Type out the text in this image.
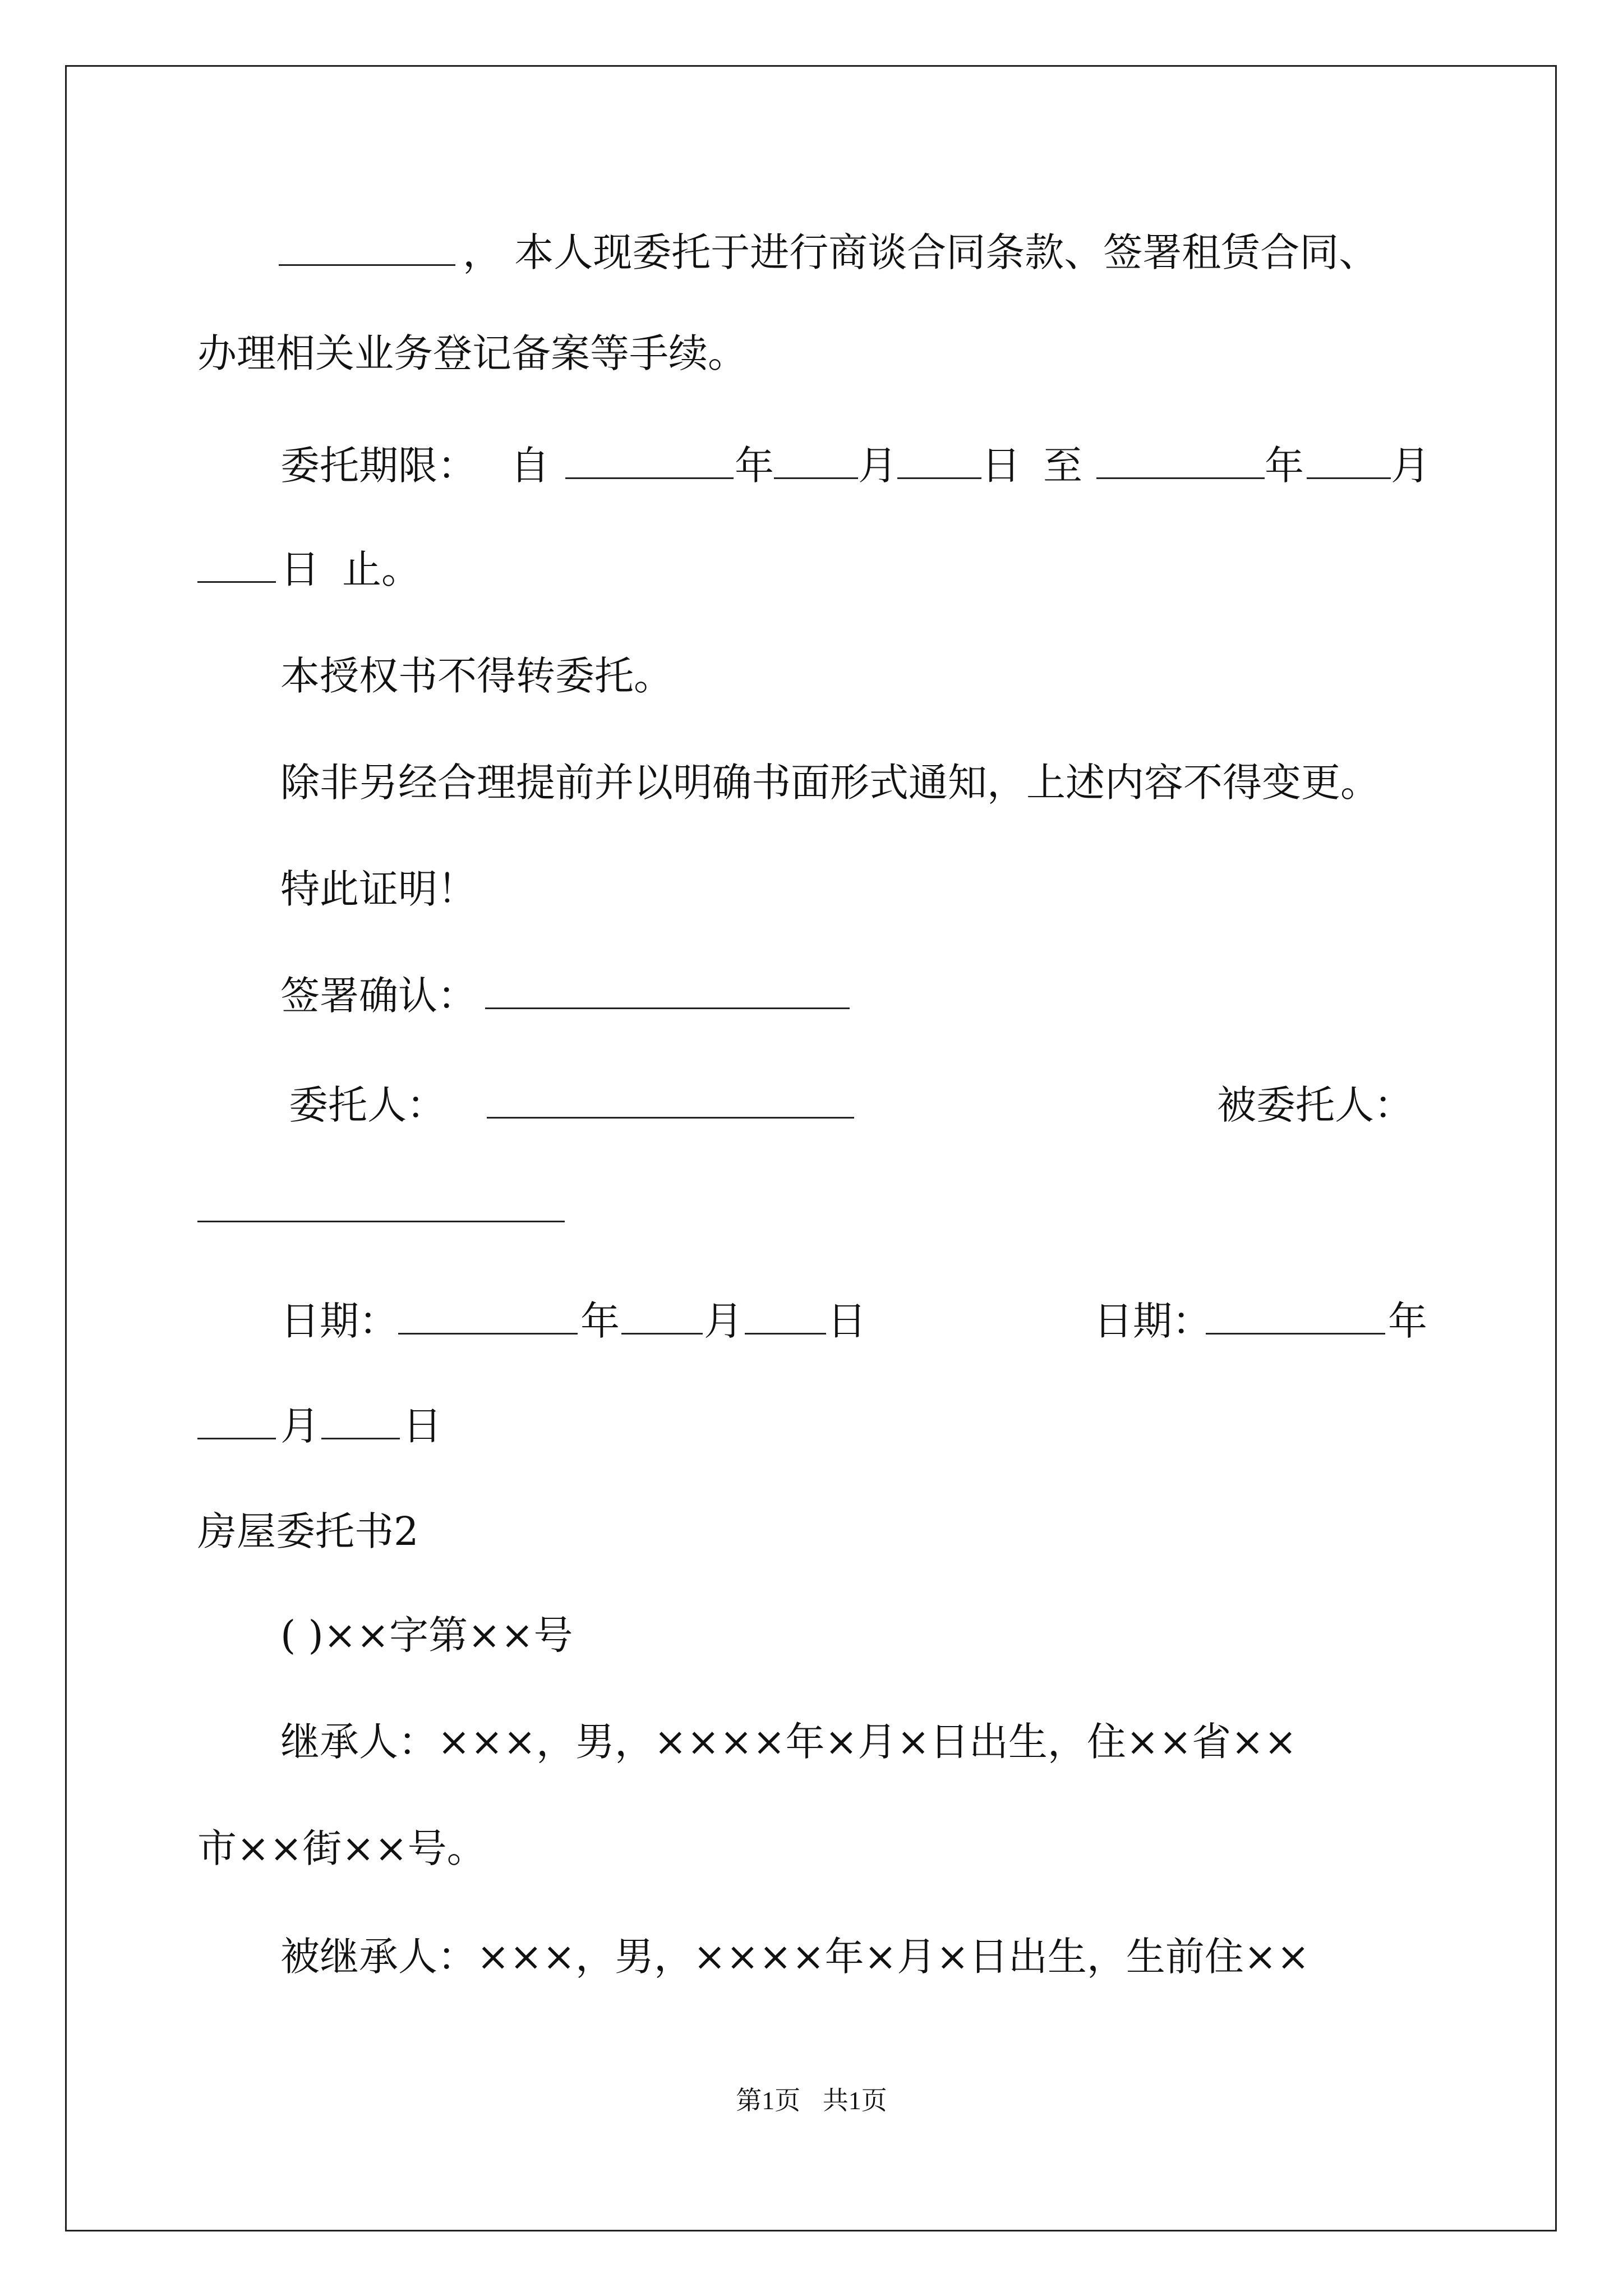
， 本人现委托于进行商谈合同条款、签署租赁合同、
办理相关业务登记备案等手续。
委托期限： 自	年 月 日 至	年 月
日 止。
本授权书不得转委托。
除非另经合理提前并以明确书面形式通知，上述内容不得变更。
特此证明！
签署确认：
委托人：	被委托人：
日期：	年 月 日	日期：	年
月 日
房屋委托书2
( )××字第××号
继承人：×××，男，××××年×月×日出生，住××省××
市××街××号。
被继承人：×××，男，××××年×月×日出生，生前住××
第1页 共1页
